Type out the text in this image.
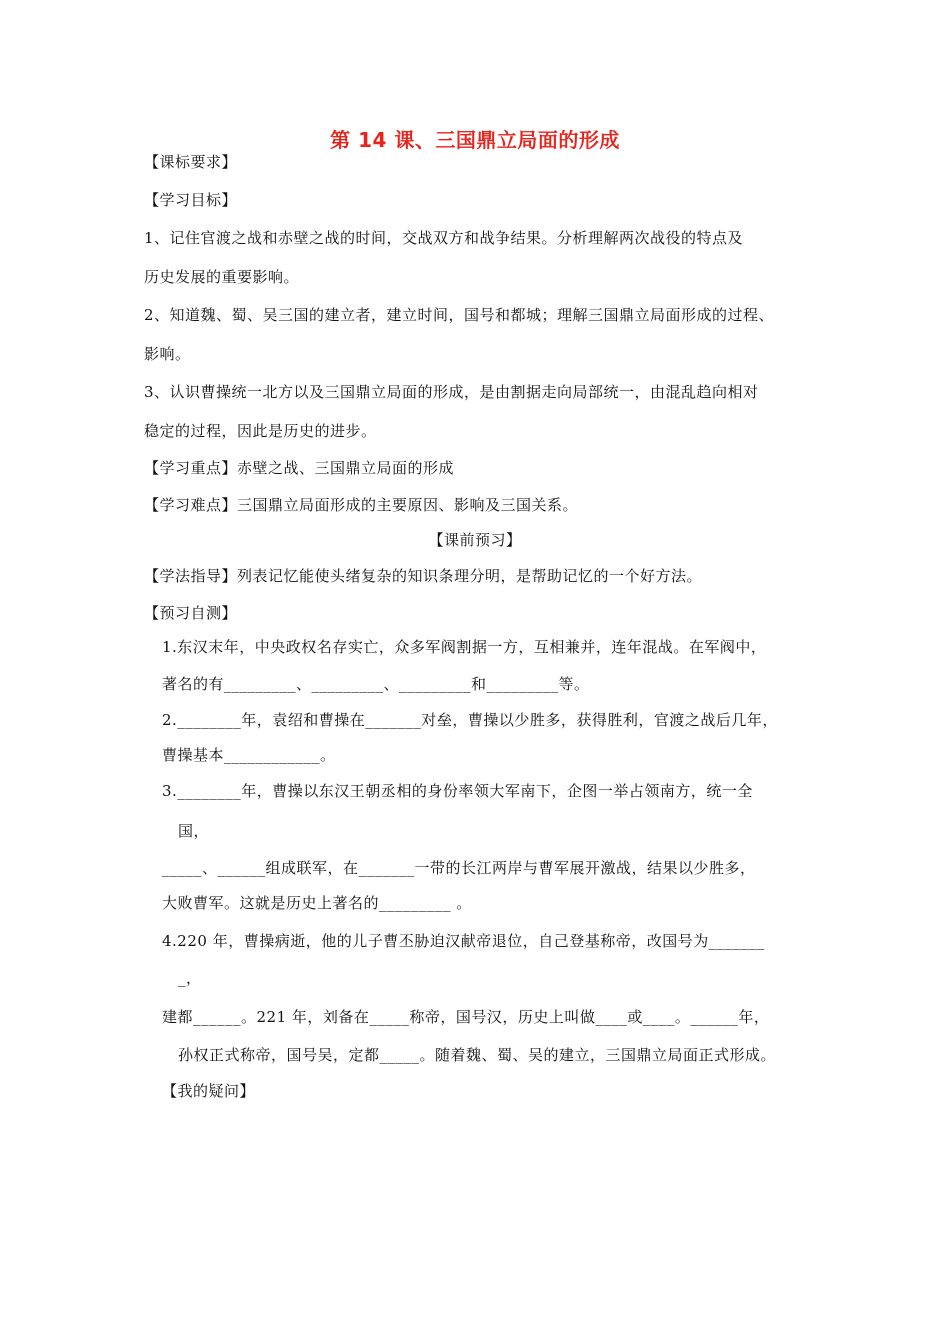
第 14 课、三国鼎立局面的形成
【课标要求】
【学习目标】
1、记住官渡之战和赤壁之战的时间，交战双方和战争结果。分析理解两次战役的特点及
历史发展的重要影响。
2、知道魏、蜀、吴三国的建立者，建立时间，国号和都城；理解三国鼎立局面形成的过程、
影响。
3、认识曹操统一北方以及三国鼎立局面的形成，是由割据走向局部统一，由混乱趋向相对
稳定的过程，因此是历史的进步。
【学习重点】赤壁之战、三国鼎立局面的形成
【学习难点】三国鼎立局面形成的主要原因、影响及三国关系。
【课前预习】
【学法指导】列表记忆能使头绪复杂的知识条理分明，是帮助记忆的一个好方法。
【预习自测】
1.东汉末年，中央政权名存实亡，众多军阀割据一方，互相兼并，连年混战。在军阀中，
著名的有_________、_________、_________和_________等。
2.________年，袁绍和曹操在_______对垒，曹操以少胜多，获得胜利，官渡之战后几年，
曹操基本____________。
3.________年，曹操以东汉王朝丞相的身份率领大军南下，企图一举占领南方，统一全
国，
_____、______组成联军，在_______一带的长江两岸与曹军展开激战，结果以少胜多，
大败曹军。这就是历史上著名的_________ 。
4.220 年，曹操病逝，他的儿子曹丕胁迫汉献帝退位，自己登基称帝，改国号为_______
_，
建都______。221 年，刘备在_____称帝，国号汉，历史上叫做____或____。______年，
孙权正式称帝，国号吴，定都_____。随着魏、蜀、吴的建立，三国鼎立局面正式形成。
【我的疑问】
